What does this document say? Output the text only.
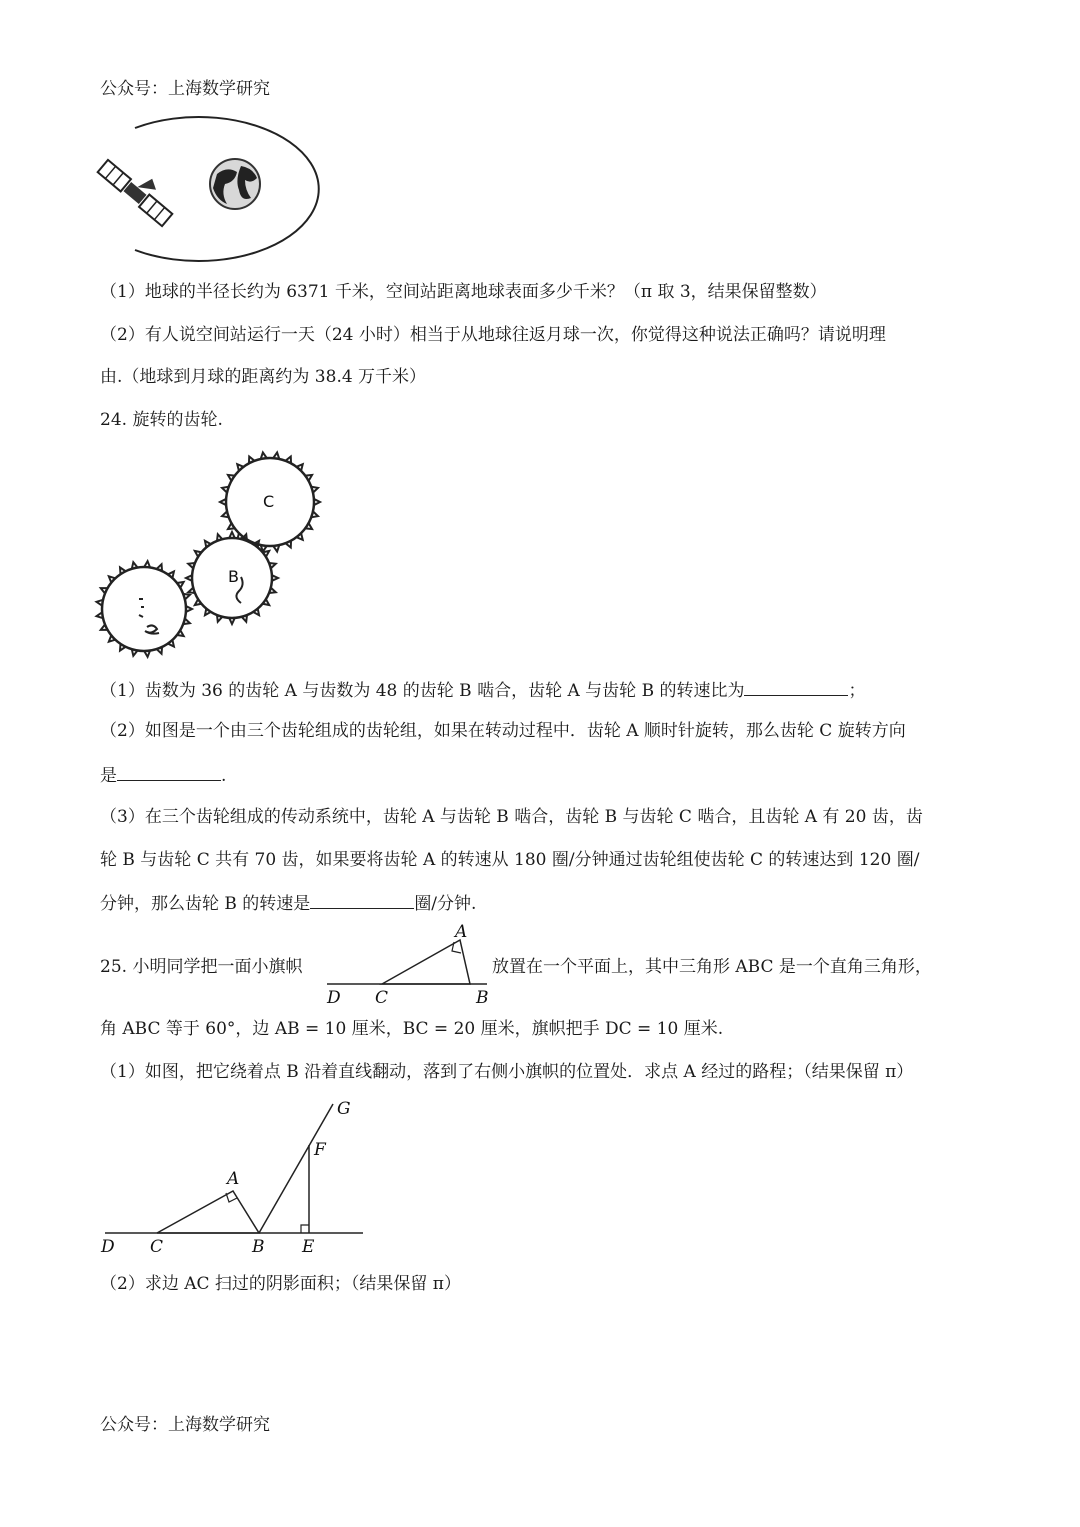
公众号：上海数学研究
（1）地球的半径长约为 6371 千米，空间站距离地球表面多少千米？（π 取 3，结果保留整数）
（2）有人说空间站运行一天（24 小时）相当于从地球往返月球一次，你觉得这种说法正确吗？请说明理
由.（地球到月球的距离约为 38.4 万千米）
24. 旋转的齿轮.
C
B
（1）齿数为 36 的齿轮 A 与齿数为 48 的齿轮 B 啮合，齿轮 A 与齿轮 B 的转速比为	；
（2）如图是一个由三个齿轮组成的齿轮组，如果在转动过程中．齿轮 A 顺时针旋转，那么齿轮 C 旋转方向
是	.
（3）在三个齿轮组成的传动系统中，齿轮 A 与齿轮 B 啮合，齿轮 B 与齿轮 C 啮合，且齿轮 A 有 20 齿，齿
轮 B 与齿轮 C 共有 70 齿，如果要将齿轮 A 的转速从 180 圈/分钟通过齿轮组使齿轮 C 的转速达到 120 圈/
分钟，那么齿轮 B 的转速是	圈/分钟.
25. 小明同学把一面小旗帜
A
D C	B
放置在一个平面上，其中三角形 ABC 是一个直角三角形，
角 ABC 等于 60°，边 AB = 10 厘米，BC = 20 厘米，旗帜把手 DC = 10 厘米.
（1）如图，把它绕着点 B 沿着直线翻动，落到了右侧小旗帜的位置处．求点 A 经过的路程；（结果保留 π）
G
F
A
D C	B E
（2）求边 AC 扫过的阴影面积；（结果保留 π）
公众号：上海数学研究
